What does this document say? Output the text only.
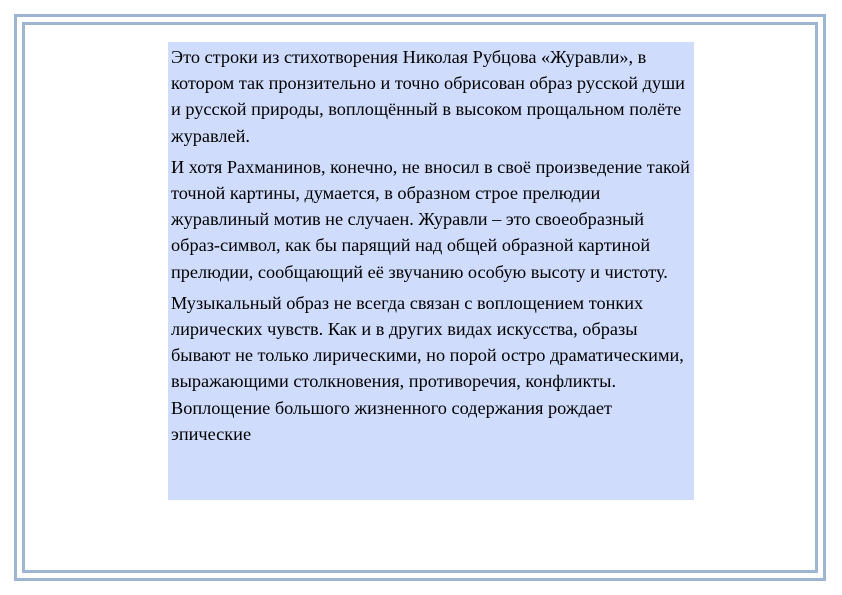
Это строки из стихотворения Николая Рубцова «Журавли», в котором так пронзительно и точно обрисован образ русской души и русской природы, воплощённый в высоком прощальном полёте журавлей.

И хотя Рахманинов, конечно, не вносил в своё произведение такой точной картины, думается, в образном строе прелюдии журавлиный мотив не случаен. Журавли – это своеобразный образ-символ, как бы парящий над общей образной картиной прелюдии, сообщающий её звучанию особую высоту и чистоту.

Музыкальный образ не всегда связан с воплощением тонких лирических чувств. Как и в других видах искусства, образы бывают не только лирическими, но порой остро драматическими, выражающими столкновения, противоречия, конфликты. Воплощение большого жизненного содержания рождает эпические
